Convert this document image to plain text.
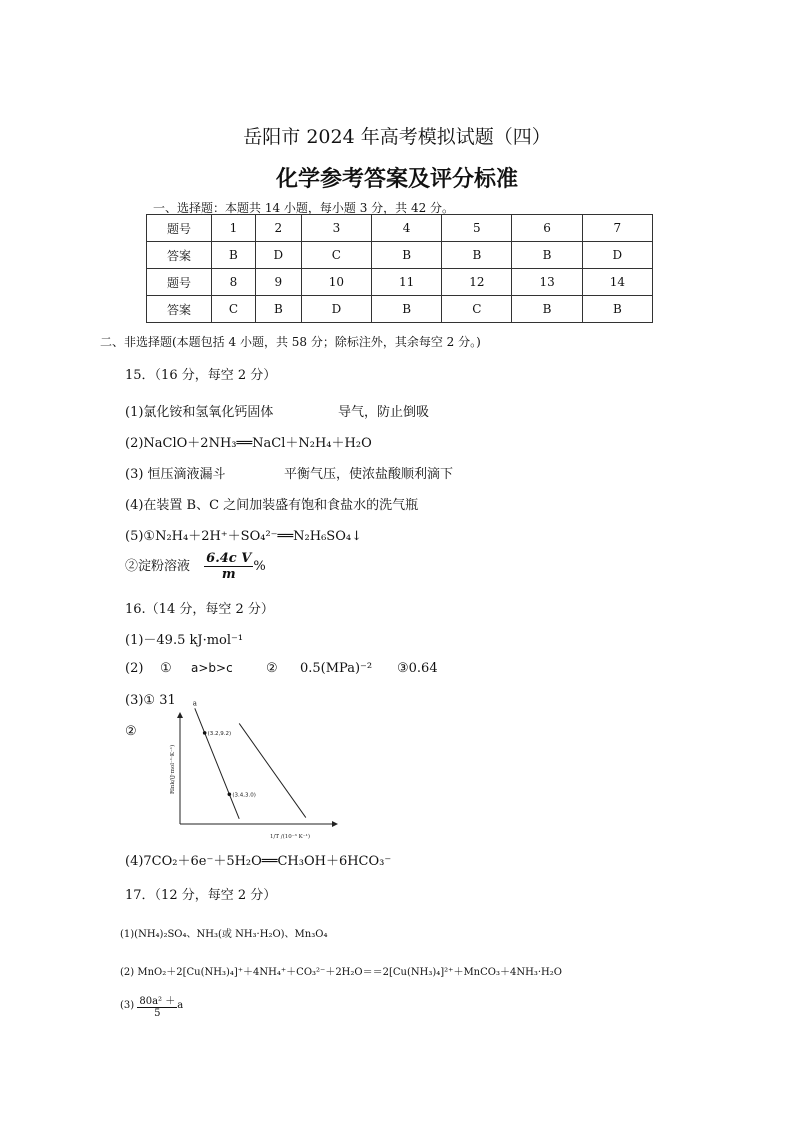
岳阳市 2024 年高考模拟试题（四）
化学参考答案及评分标准
一、选择题：本题共 14 小题，每小题 3 分，共 42 分。
题号	1	2	3	4	5	6	7
答案	B	D	C	B	B	B	D
题号	8	9	10	11	12	13	14
答案	C	B	D	B	C	B	B
二、非选择题(本题包括 4 小题，共 58 分；除标注外，其余每空 2 分。)
15．（16 分，每空 2 分）
(1)氯化铵和氢氧化钙固体	导气，防止倒吸
(2)NaClO＋2NH₃══NaCl＋N₂H₄＋H₂O
(3) 恒压滴液漏斗	平衡气压，使浓盐酸顺利滴下
(4)在装置 B、C 之间加装盛有饱和食盐水的洗气瓶
(5)①N₂H₄＋2H⁺＋SO₄²⁻══N₂H₆SO₄↓
②淀粉溶液 $\frac{\text{6.4c V}}{m}$ %
16.（14 分，每空 2 分）
(1)－49.5 kJ·mol⁻¹
(2) ① a>b>c	② 0.5(MPa)⁻² ③0.64
(3)① 31
②
a
(3.2,9.2)
(3.4,3.0)
Rlnk/(J·mol⁻¹·K⁻¹)
1/T /(10⁻³ K⁻¹)
(4)7CO₂＋6e⁻＋5H₂O══CH₃OH＋6HCO₃⁻
17．（12 分，每空 2 分）
(1)(NH₄)₂SO₄、NH₃(或 NH₃·H₂O)、Mn₃O₄
(2) MnO₂＋2[Cu(NH₃)₄]⁺＋4NH₄⁺＋CO₃²⁻＋2H₂O＝＝2[Cu(NH₃)₄]²⁺＋MnCO₃＋4NH₃·H₂O
$(3) \frac{\text{80a² ＋}}{5}$ a
